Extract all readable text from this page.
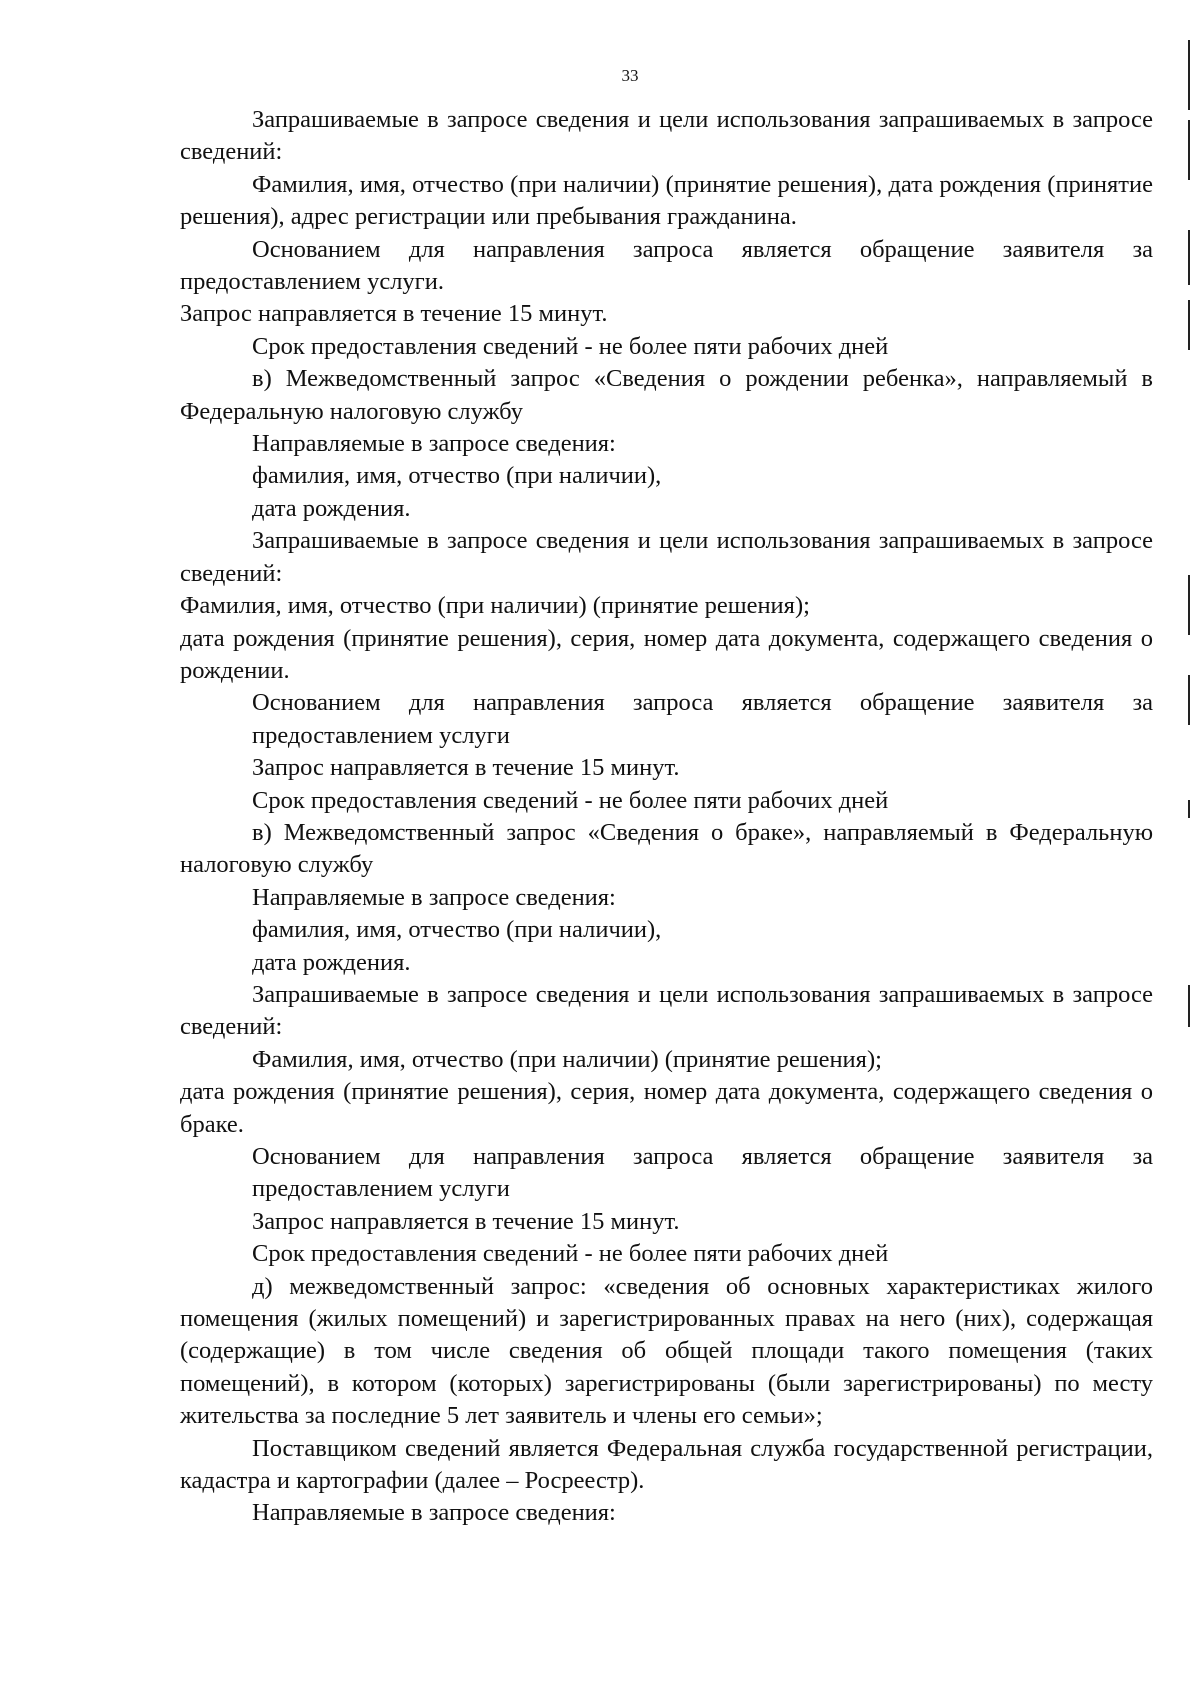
33

Запрашиваемые в запросе сведения и цели использования запрашиваемых в запросе сведений:

Фамилия, имя, отчество (при наличии) (принятие решения), дата рождения (принятие решения), адрес регистрации или пребывания гражданина.

Основанием для направления запроса является обращение заявителя за предоставлением услуги.

Запрос направляется в течение 15 минут.

Срок предоставления сведений - не более пяти рабочих дней

в) Межведомственный запрос «Сведения о рождении ребенка», направляемый в Федеральную налоговую службу

Направляемые в запросе сведения:

фамилия, имя, отчество (при наличии),

дата рождения.

Запрашиваемые в запросе сведения и цели использования запрашиваемых в запросе сведений:

Фамилия, имя, отчество (при наличии) (принятие решения);

дата рождения (принятие решения), серия, номер дата документа, содержащего сведения о рождении.

Основанием для направления запроса является обращение заявителя за предоставлением услуги

Запрос направляется в течение 15 минут.

Срок предоставления сведений - не более пяти рабочих дней

в) Межведомственный запрос «Сведения о браке», направляемый в Федеральную налоговую службу

Направляемые в запросе сведения:

фамилия, имя, отчество (при наличии),

дата рождения.

Запрашиваемые в запросе сведения и цели использования запрашиваемых в запросе сведений:

Фамилия, имя, отчество (при наличии) (принятие решения);

дата рождения (принятие решения), серия, номер дата документа, содержащего сведения о браке.

Основанием для направления запроса является обращение заявителя за предоставлением услуги

Запрос направляется в течение 15 минут.

Срок предоставления сведений - не более пяти рабочих дней

д) межведомственный запрос: «сведения об основных характеристиках жилого помещения (жилых помещений) и зарегистрированных правах на него (них), содержащая (содержащие) в том числе сведения об общей площади такого помещения (таких помещений), в котором (которых) зарегистрированы (были зарегистрированы) по месту жительства за последние 5 лет заявитель и члены его семьи»;

Поставщиком сведений является Федеральная служба государственной регистрации, кадастра и картографии (далее – Росреестр).

Направляемые в запросе сведения:
